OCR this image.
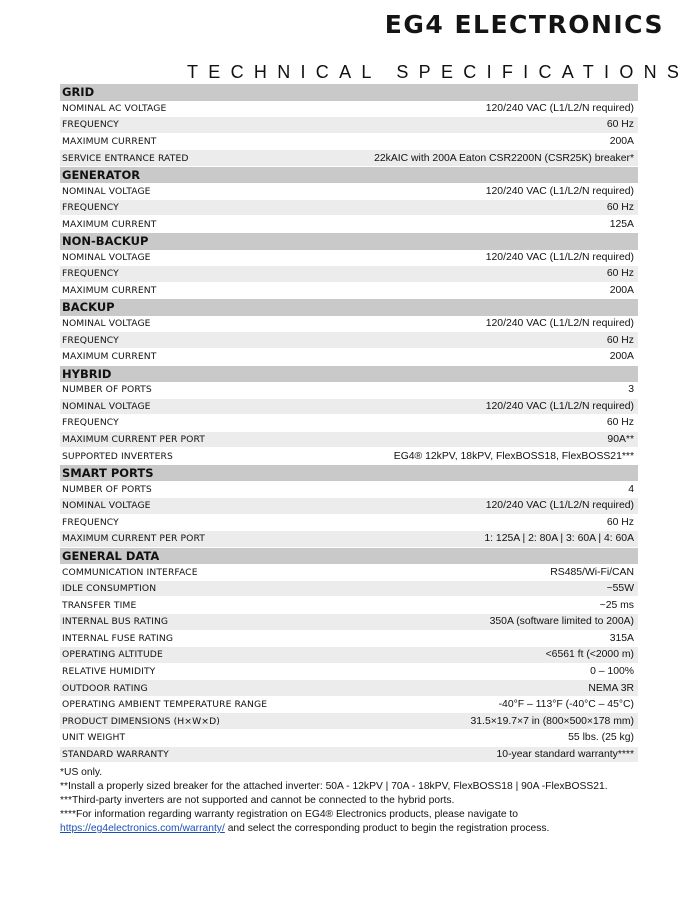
EG4 ELECTRONICS
TECHNICAL SPECIFICATIONS
GRID
NOMINAL AC VOLTAGE	120/240 VAC (L1/L2/N required)
FREQUENCY	60 Hz
MAXIMUM CURRENT	200A
SERVICE ENTRANCE RATED	22kAIC with 200A Eaton CSR2200N (CSR25K) breaker*
GENERATOR
NOMINAL VOLTAGE	120/240 VAC (L1/L2/N required)
FREQUENCY	60 Hz
MAXIMUM CURRENT	125A
NON-BACKUP
NOMINAL VOLTAGE	120/240 VAC (L1/L2/N required)
FREQUENCY	60 Hz
MAXIMUM CURRENT	200A
BACKUP
NOMINAL VOLTAGE	120/240 VAC (L1/L2/N required)
FREQUENCY	60 Hz
MAXIMUM CURRENT	200A
HYBRID
NUMBER OF PORTS	3
NOMINAL VOLTAGE	120/240 VAC (L1/L2/N required)
FREQUENCY	60 Hz
MAXIMUM CURRENT PER PORT	90A**
SUPPORTED INVERTERS	EG4® 12kPV, 18kPV, FlexBOSS18, FlexBOSS21***
SMART PORTS
NUMBER OF PORTS	4
NOMINAL VOLTAGE	120/240 VAC (L1/L2/N required)
FREQUENCY	60 Hz
MAXIMUM CURRENT PER PORT	1: 125A | 2: 80A | 3: 60A | 4: 60A
GENERAL DATA
COMMUNICATION INTERFACE	RS485/Wi-Fi/CAN
IDLE CONSUMPTION	~55W
TRANSFER TIME	~25 ms
INTERNAL BUS RATING	350A (software limited to 200A)
INTERNAL FUSE RATING	315A
OPERATING ALTITUDE	<6561 ft (<2000 m)
RELATIVE HUMIDITY	0 – 100%
OUTDOOR RATING	NEMA 3R
OPERATING AMBIENT TEMPERATURE RANGE	-40°F – 113°F (-40°C – 45°C)
PRODUCT DIMENSIONS (H×W×D)	31.5×19.7×7 in (800×500×178 mm)
UNIT WEIGHT	55 lbs. (25 kg)
STANDARD WARRANTY	10-year standard warranty****

*US only.

**Install a properly sized breaker for the attached inverter: 50A - 12kPV | 70A - 18kPV, FlexBOSS18 | 90A -FlexBOSS21.

***Third-party inverters are not supported and cannot be connected to the hybrid ports.

****For information regarding warranty registration on EG4® Electronics products, please navigate to

https://eg4electronics.com/warranty/ and select the corresponding product to begin the registration process.
